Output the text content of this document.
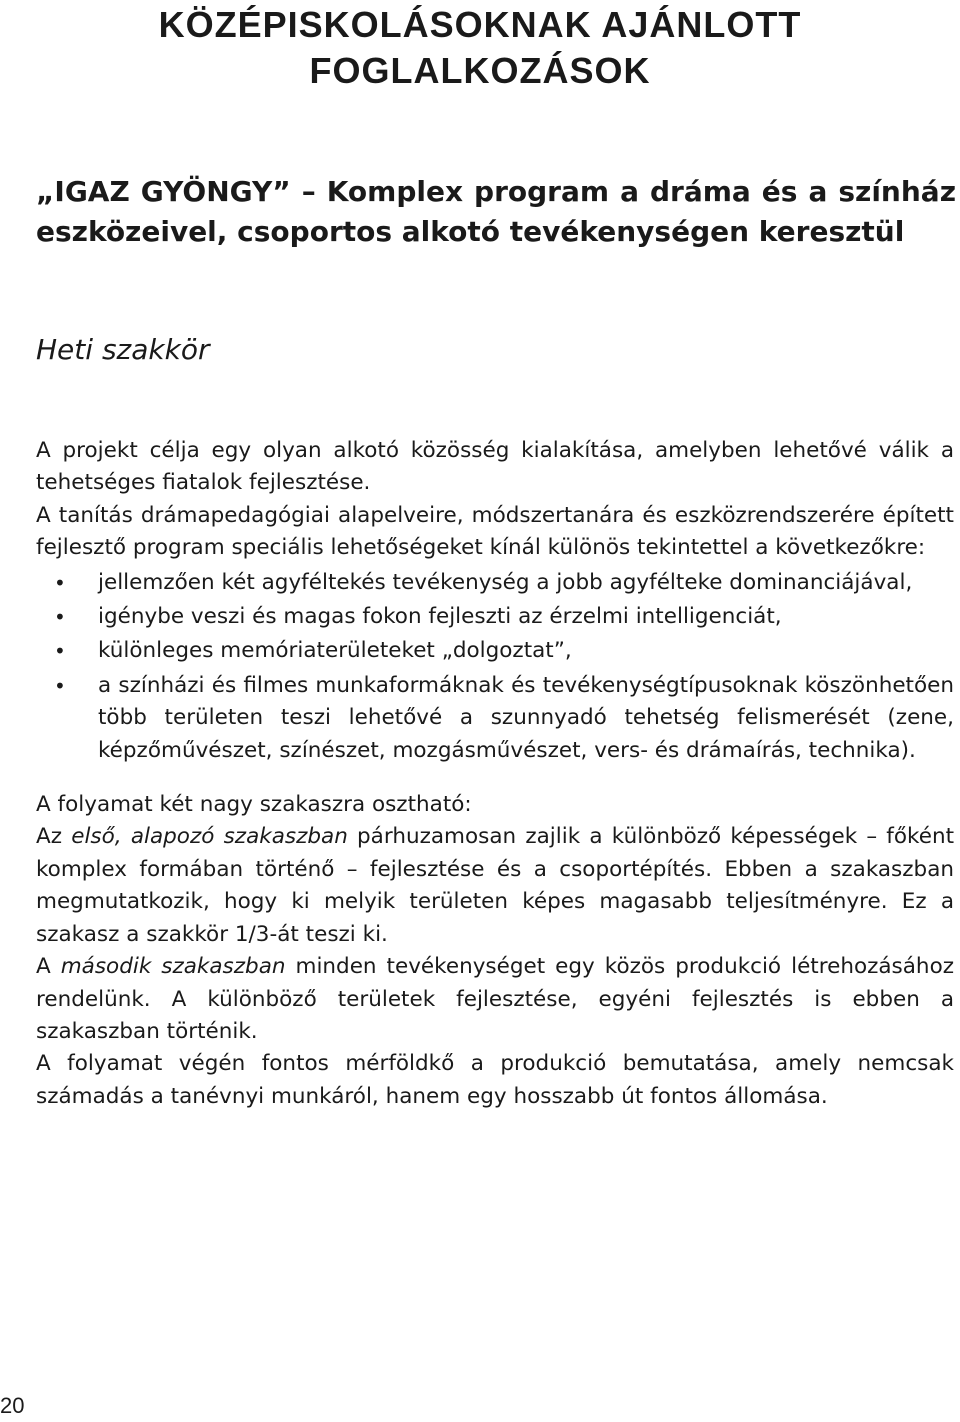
KÖZÉPISKOLÁSOKNAK AJÁNLOTT FOGLALKOZÁSOK
„IGAZ GYÖNGY” – Komplex program a dráma és a színház eszközeivel, csoportos alkotó tevékenységen keresztül
Heti szakkör

A projekt célja egy olyan alkotó közösség kialakítása, amelyben lehetővé válik a tehetséges fiatalok fejlesztése.

A tanítás drámapedagógiai alapelveire, módszertanára és eszközrendszerére épített fejlesztő program speciális lehetőségeket kínál különös tekintettel a következőkre:

• jellemzően két agyféltekés tevékenység a jobb agyfélteke dominanciájával,
• igénybe veszi és magas fokon fejleszti az érzelmi intelligenciát,
• különleges memóriaterületeket „dolgoztat”,
• a színházi és filmes munkaformáknak és tevékenységtípusoknak köszönhetően több területen teszi lehetővé a szunnyadó tehetség felismerését (zene, képzőművészet, színészet, mozgásművészet, vers- és drámaírás, technika).

A folyamat két nagy szakaszra osztható:

Az első, alapozó szakaszban párhuzamosan zajlik a különböző képességek – főként komplex formában történő – fejlesztése és a csoportépítés. Ebben a szakaszban megmutatkozik, hogy ki melyik területen képes magasabb teljesítményre. Ez a szakasz a szakkör 1/3-át teszi ki.

A második szakaszban minden tevékenységet egy közös produkció létrehozásához rendelünk. A különböző területek fejlesztése, egyéni fejlesztés is ebben a szakaszban történik.

A folyamat végén fontos mérföldkő a produkció bemutatása, amely nemcsak számadás a tanévnyi munkáról, hanem egy hosszabb út fontos állomása.

20
